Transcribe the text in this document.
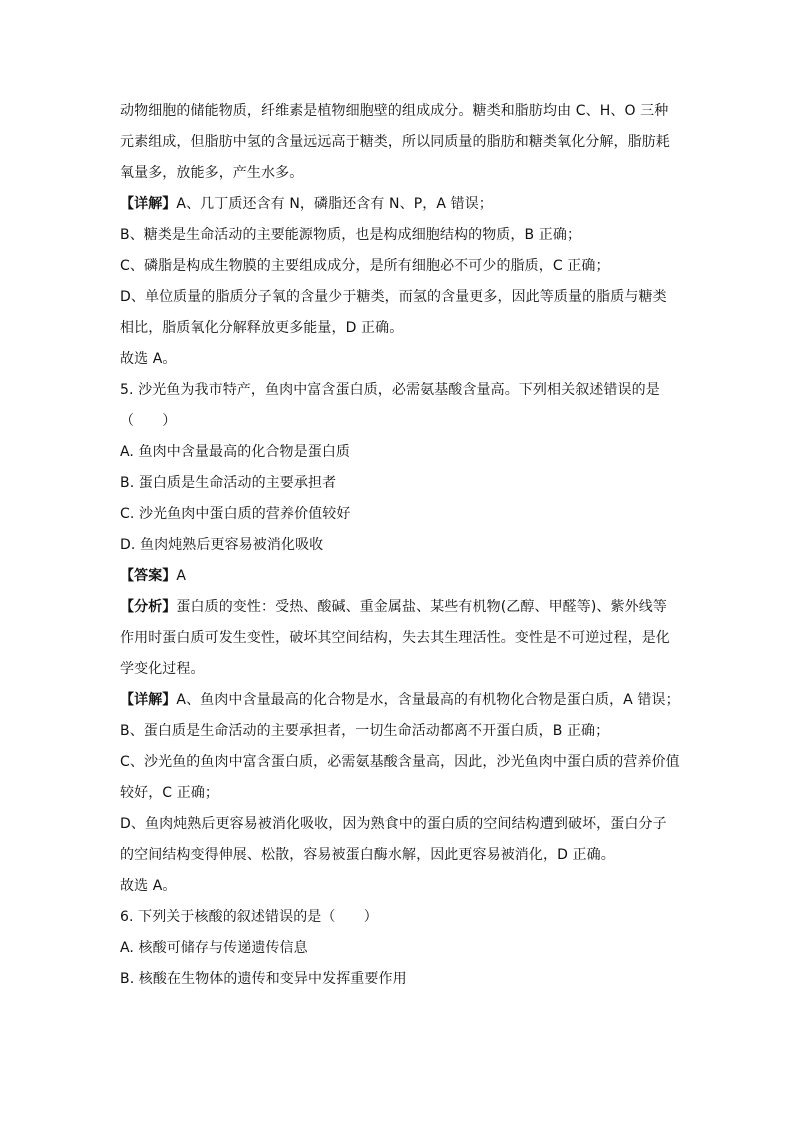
动物细胞的储能物质，纤维素是植物细胞壁的组成成分。糖类和脂肪均由 C、H、O 三种元素组成，但脂肪中氢的含量远远高于糖类，所以同质量的脂肪和糖类氧化分解，脂肪耗氧量多，放能多，产生水多。

【详解】A、几丁质还含有 N，磷脂还含有 N、P，A 错误；

B、糖类是生命活动的主要能源物质，也是构成细胞结构的物质，B 正确；

C、磷脂是构成生物膜的主要组成成分，是所有细胞必不可少的脂质，C 正确；

D、单位质量的脂质分子氧的含量少于糖类，而氢的含量更多，因此等质量的脂质与糖类相比，脂质氧化分解释放更多能量，D 正确。

故选 A。

5. 沙光鱼为我市特产，鱼肉中富含蛋白质，必需氨基酸含量高。下列相关叙述错误的是（　　）

A. 鱼肉中含量最高的化合物是蛋白质

B. 蛋白质是生命活动的主要承担者

C. 沙光鱼肉中蛋白质的营养价值较好

D. 鱼肉炖熟后更容易被消化吸收

【答案】A

【分析】蛋白质的变性：受热、酸碱、重金属盐、某些有机物(乙醇、甲醛等)、紫外线等作用时蛋白质可发生变性，破坏其空间结构，失去其生理活性。变性是不可逆过程，是化学变化过程。

【详解】A、鱼肉中含量最高的化合物是水，含量最高的有机物化合物是蛋白质，A 错误；

B、蛋白质是生命活动的主要承担者，一切生命活动都离不开蛋白质，B 正确；

C、沙光鱼的鱼肉中富含蛋白质，必需氨基酸含量高，因此，沙光鱼肉中蛋白质的营养价值较好，C 正确；

D、鱼肉炖熟后更容易被消化吸收，因为熟食中的蛋白质的空间结构遭到破坏，蛋白分子的空间结构变得伸展、松散，容易被蛋白酶水解，因此更容易被消化，D 正确。

故选 A。

6. 下列关于核酸的叙述错误的是（　　）

A. 核酸可储存与传递遗传信息

B. 核酸在生物体的遗传和变异中发挥重要作用
